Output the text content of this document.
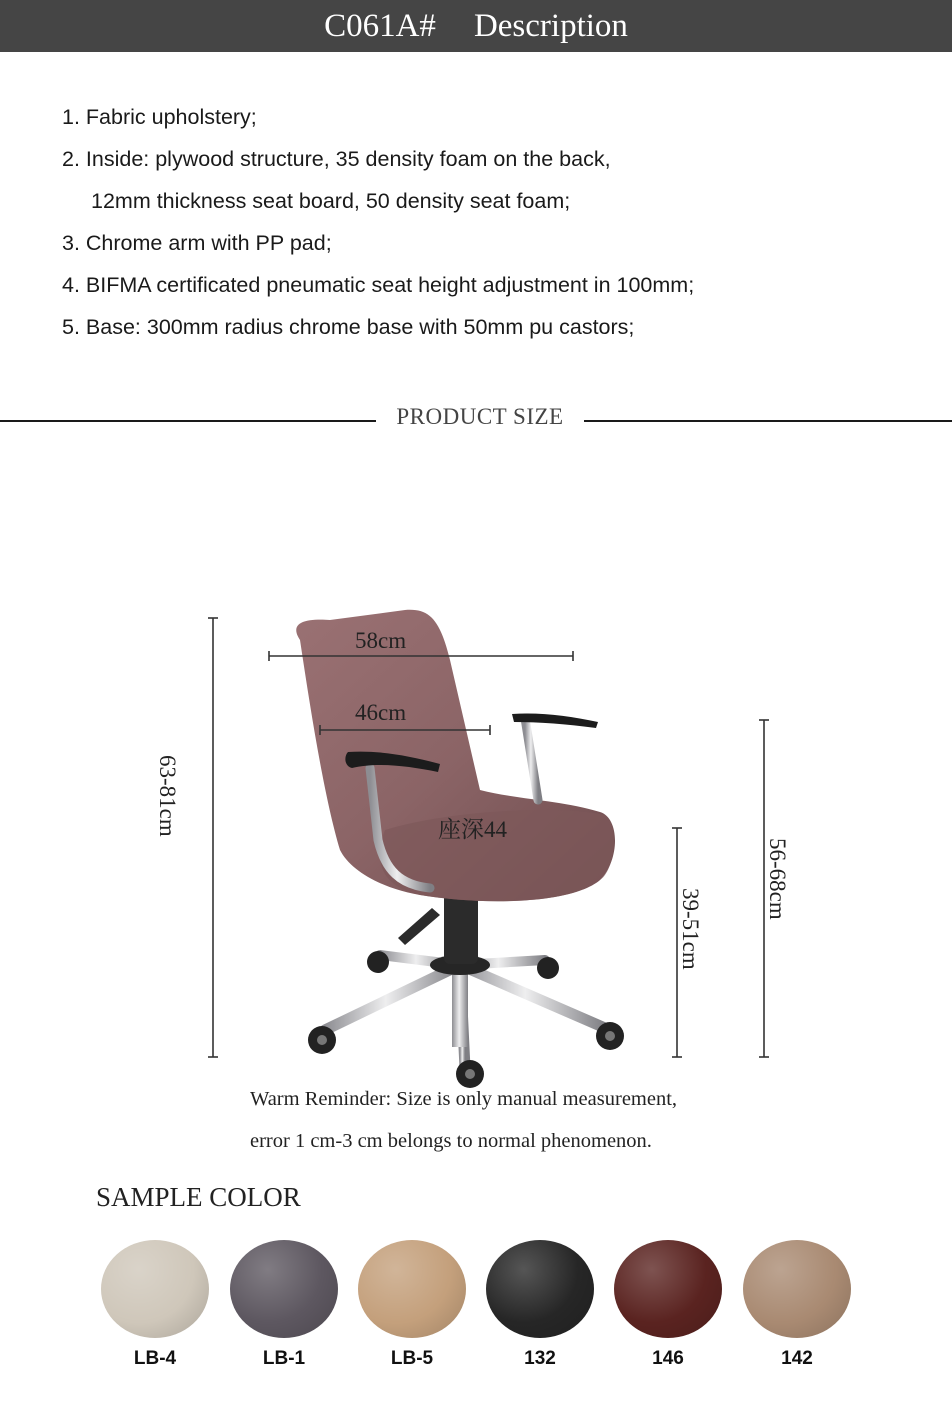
C061A# Description
1. Fabric upholstery;
2. Inside: plywood structure, 35 density foam on the back,
12mm thickness seat board, 50 density seat foam;
3. Chrome arm with PP pad;
4. BIFMA certificated pneumatic seat height adjustment in 100mm;
5. Base: 300mm radius chrome base with 50mm pu castors;
PRODUCT SIZE
58cm
46cm
座深44
63-81cm
39-51cm
56-68cm
Warm Reminder: Size is only manual measurement,
error 1 cm-3 cm belongs to normal phenomenon.
SAMPLE COLOR
LB-4	LB-1	LB-5	132	146	142
